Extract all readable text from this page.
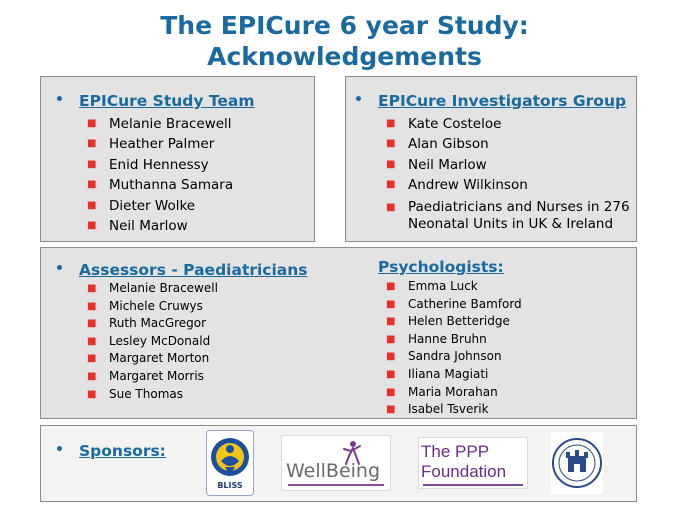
The EPICure 6 year Study:
Acknowledgements
• EPICure Study Team
■ Melanie Bracewell
■ Heather Palmer
■ Enid Hennessy
■ Muthanna Samara
■ Dieter Wolke
■ Neil Marlow
• EPICure Investigators Group
■ Kate Costeloe
■ Alan Gibson
■ Neil Marlow
■ Andrew Wilkinson
■ Paediatricians and Nurses in 276
Neonatal Units in UK & Ireland
• Assessors - Paediatricians
■ Melanie Bracewell
■ Michele Cruwys
■ Ruth MacGregor
■ Lesley McDonald
■ Margaret Morton
■ Margaret Morris
■ Sue Thomas
Psychologists:
■ Emma Luck
■ Catherine Bamford
■ Helen Betteridge
■ Hanne Bruhn
■ Sandra Johnson
■ Iliana Magiati
■ Maria Morahan
■ Isabel Tsverik
• Sponsors:
BLISS
WellBeing
The PPP
Foundation
